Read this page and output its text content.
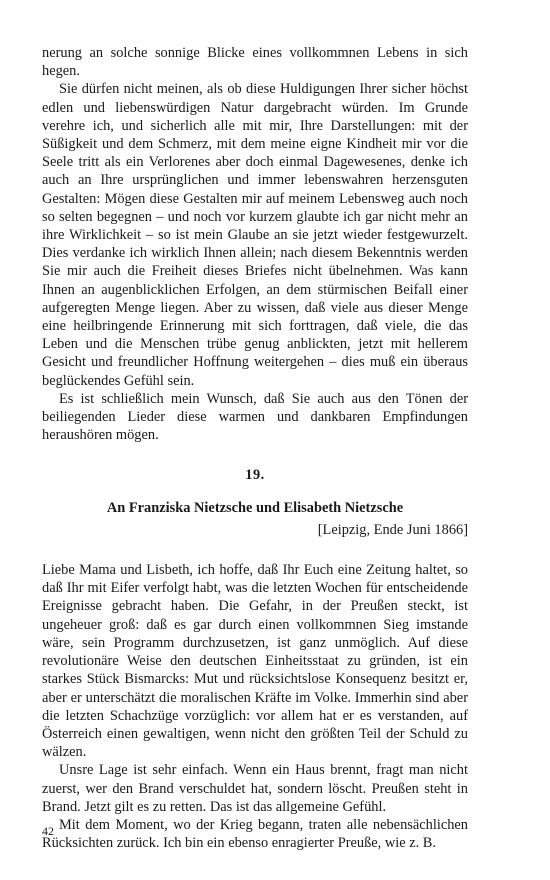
nerung an solche sonnige Blicke eines vollkommnen Lebens in sich hegen.

Sie dürfen nicht meinen, als ob diese Huldigungen Ihrer sicher höchst edlen und liebenswürdigen Natur dargebracht würden. Im Grunde verehre ich, und sicherlich alle mit mir, Ihre Darstellungen: mit der Süßigkeit und dem Schmerz, mit dem meine eigne Kindheit mir vor die Seele tritt als ein Verlorenes aber doch einmal Dagewesenes, denke ich auch an Ihre ursprünglichen und immer lebenswahren herzensguten Gestalten: Mögen diese Gestalten mir auf meinem Lebensweg auch noch so selten begegnen – und noch vor kurzem glaubte ich gar nicht mehr an ihre Wirklichkeit – so ist mein Glaube an sie jetzt wieder festgewurzelt. Dies verdanke ich wirklich Ihnen allein; nach diesem Bekenntnis werden Sie mir auch die Freiheit dieses Briefes nicht übelnehmen. Was kann Ihnen an augenblicklichen Erfolgen, an dem stürmischen Beifall einer aufgeregten Menge liegen. Aber zu wissen, daß viele aus dieser Menge eine heilbringende Erinnerung mit sich forttragen, daß viele, die das Leben und die Menschen trübe genug anblickten, jetzt mit hellerem Gesicht und freundlicher Hoffnung weitergehen – dies muß ein überaus beglückendes Gefühl sein.

Es ist schließlich mein Wunsch, daß Sie auch aus den Tönen der beiliegenden Lieder diese warmen und dankbaren Empfindungen heraushören mögen.

19.

An Franziska Nietzsche und Elisabeth Nietzsche

[Leipzig, Ende Juni 1866]

Liebe Mama und Lisbeth, ich hoffe, daß Ihr Euch eine Zeitung haltet, so daß Ihr mit Eifer verfolgt habt, was die letzten Wochen für entscheidende Ereignisse gebracht haben. Die Gefahr, in der Preußen steckt, ist ungeheuer groß: daß es gar durch einen vollkommnen Sieg imstande wäre, sein Programm durchzusetzen, ist ganz unmöglich. Auf diese revolutionäre Weise den deutschen Einheitsstaat zu gründen, ist ein starkes Stück Bismarcks: Mut und rücksichtslose Konsequenz besitzt er, aber er unterschätzt die moralischen Kräfte im Volke. Immerhin sind aber die letzten Schachzüge vorzüglich: vor allem hat er es verstanden, auf Österreich einen gewaltigen, wenn nicht den größten Teil der Schuld zu wälzen.

Unsre Lage ist sehr einfach. Wenn ein Haus brennt, fragt man nicht zuerst, wer den Brand verschuldet hat, sondern löscht. Preußen steht in Brand. Jetzt gilt es zu retten. Das ist das allgemeine Gefühl.

Mit dem Moment, wo der Krieg begann, traten alle nebensächlichen Rücksichten zurück. Ich bin ein ebenso enragierter Preuße, wie z. B.

42
